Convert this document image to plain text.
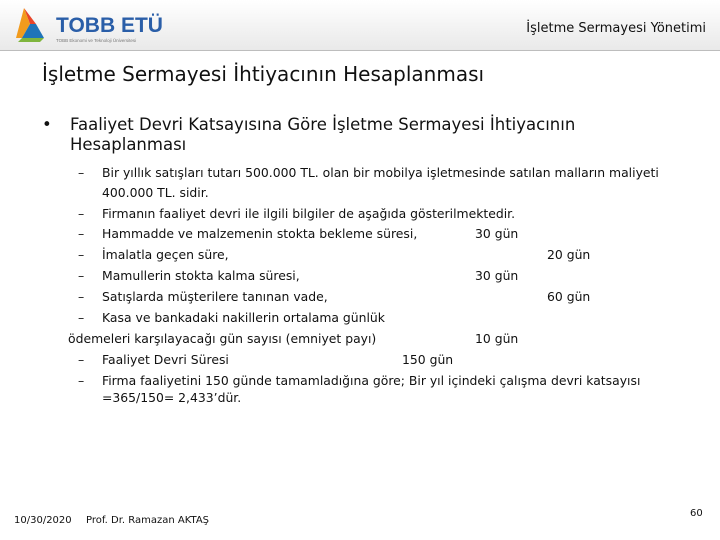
TOBB ETÜ
TOBB Ekonomi ve Teknoloji Üniversitesi
İşletme Sermayesi Yönetimi
İşletme Sermayesi İhtiyacının Hesaplanması
• Faaliyet Devri Katsayısına Göre İşletme Sermayesi İhtiyacının
Hesaplanması
– Bir yıllık satışları tutarı 500.000 TL. olan bir mobilya işletmesinde satılan malların maliyeti
400.000 TL. sidir.
– Firmanın faaliyet devri ile ilgili bilgiler de aşağıda gösterilmektedir.
– Hammadde ve malzemenin stokta bekleme süresi,	30 gün
– İmalatla geçen süre,	20 gün
– Mamullerin stokta kalma süresi,	30 gün
– Satışlarda müşterilere tanınan vade,	60 gün
– Kasa ve bankadaki nakillerin ortalama günlük
ödemeleri karşılayacağı gün sayısı (emniyet payı)	10 gün
– Faaliyet Devri Süresi	150 gün
– Firma faaliyetini 150 günde tamamladığına göre; Bir yıl içindeki çalışma devri katsayısı
=365/150= 2,433’dür.
10/30/2020 Prof. Dr. Ramazan AKTAŞ
60
